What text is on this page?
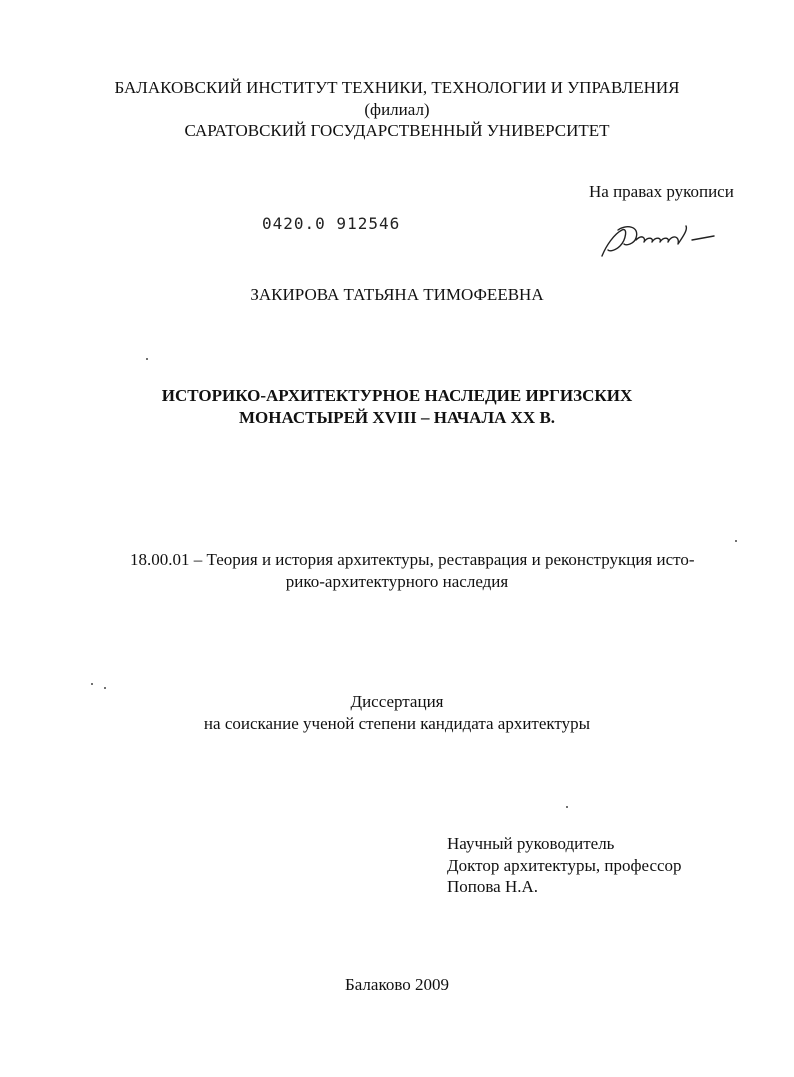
БАЛАКОВСКИЙ ИНСТИТУТ ТЕХНИКИ, ТЕХНОЛОГИИ И УПРАВЛЕНИЯ
(филиал)
САРАТОВСКИЙ ГОСУДАРСТВЕННЫЙ УНИВЕРСИТЕТ
На правах рукописи
0420.0 912546
ЗАКИРОВА ТАТЬЯНА ТИМОФЕЕВНА
ИСТОРИКО-АРХИТЕКТУРНОЕ НАСЛЕДИЕ ИРГИЗСКИХ
МОНАСТЫРЕЙ XVIII – НАЧАЛА XX В.
18.00.01 – Теория и история архитектуры, реставрация и реконструкция исто-
рико-архитектурного наследия
Диссертация
на соискание ученой степени кандидата архитектуры
Научный руководитель
Доктор архитектуры, профессор
Попова Н.А.
Балаково 2009
